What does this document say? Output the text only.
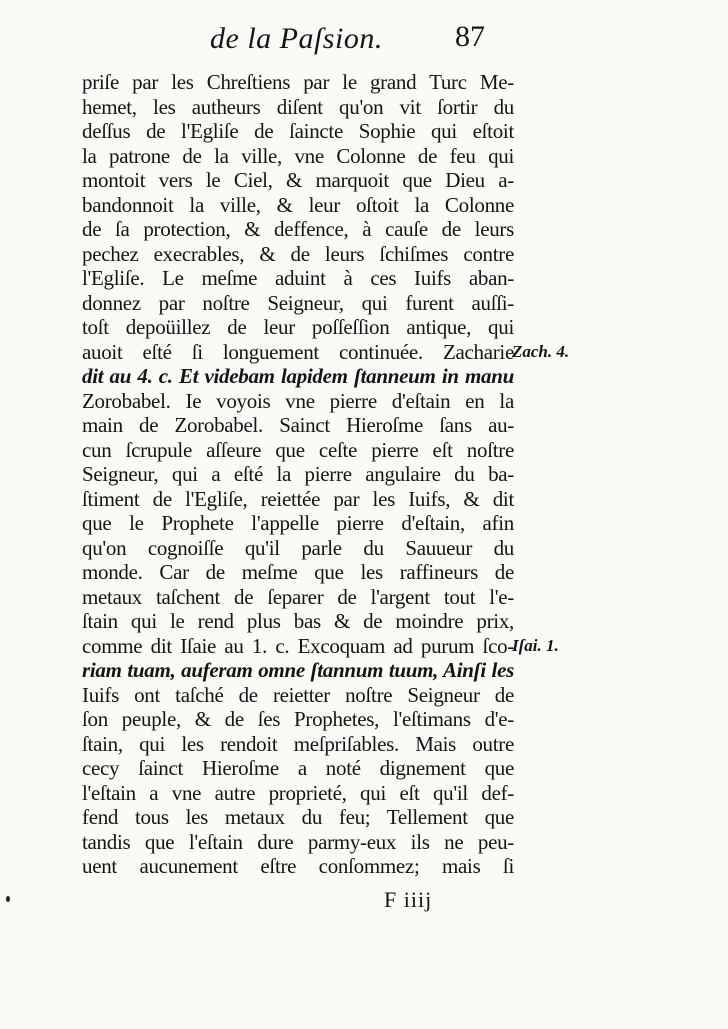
de la Paſsion.	87
priſe par les Chreſtiens par le grand Turc Me-
hemet, les autheurs diſent qu'on vit ſortir du
deſſus de l'Egliſe de ſaincte Sophie qui eſtoit
la patrone de la ville, vne Colonne de feu qui
montoit vers le Ciel, & marquoit que Dieu a-
bandonnoit la ville, & leur oſtoit la Colonne
de ſa protection, & deffence, à cauſe de leurs
pechez execrables, & de leurs ſchiſmes contre
l'Egliſe. Le meſme aduint à ces Iuifs aban-
donnez par noſtre Seigneur, qui furent auſſi-
toſt depoüillez de leur poſſeſſion antique, qui
auoit eſté ſi longuement continuée. Zacharie
dit au 4. c. Et videbam lapidem ſtanneum in manu
Zorobabel. Ie voyois vne pierre d'eſtain en la
main de Zorobabel. Sainct Hieroſme ſans au-
cun ſcrupule aſſeure que ceſte pierre eſt noſtre
Seigneur, qui a eſté la pierre angulaire du ba-
ſtiment de l'Egliſe, reiettée par les Iuifs, & dit
que le Prophete l'appelle pierre d'eſtain, afin
qu'on cognoiſſe qu'il parle du Sauueur du
monde. Car de meſme que les raffineurs de
metaux taſchent de ſeparer de l'argent tout l'e-
ſtain qui le rend plus bas & de moindre prix,
comme dit Iſaie au 1. c. Excoquam ad purum ſco-
riam tuam, auferam omne ſtannum tuum, Ainſi les
Iuifs ont taſché de reietter noſtre Seigneur de
ſon peuple, & de ſes Prophetes, l'eſtimans d'e-
ſtain, qui les rendoit meſpriſables. Mais outre
cecy ſainct Hieroſme a noté dignement que
l'eſtain a vne autre proprieté, qui eſt qu'il def-
fend tous les metaux du feu; Tellement que
tandis que l'eſtain dure parmy-eux ils ne peu-
uent aucunement eſtre conſommez; mais ſi
Zach. 4.
Iſai. 1.
F iiij
